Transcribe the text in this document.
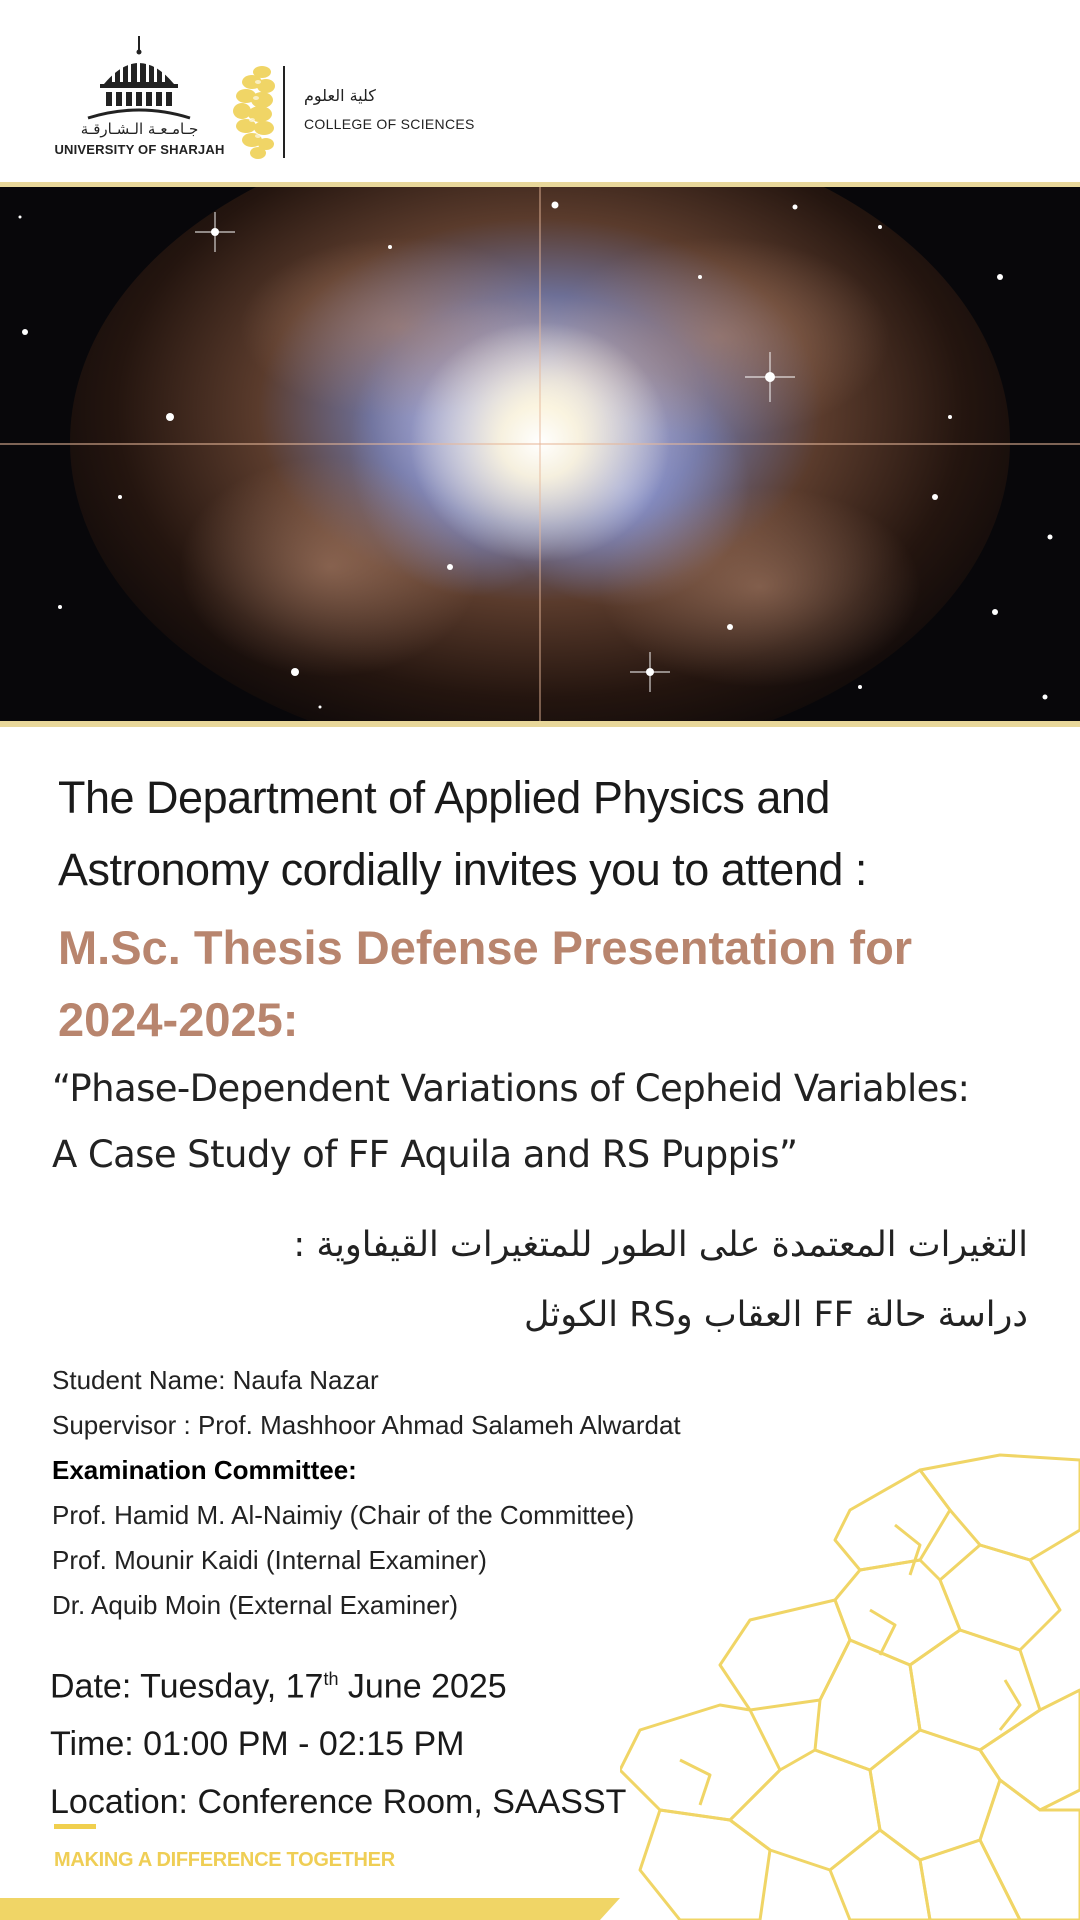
جـامـعـة الـشـارقـة
UNIVERSITY OF SHARJAH
كلية العلوم
COLLEGE OF SCIENCES
The Department of Applied Physics and
Astronomy cordially invites you to attend :
M.Sc. Thesis Defense Presentation for
2024-2025:
“Phase-Dependent Variations of Cepheid Variables:
A Case Study of FF Aquila and RS Puppis”
التغيرات المعتمدة على الطور للمتغيرات القيفاوية :
دراسة حالة FF العقاب وRS الكوثل
Student Name: Naufa Nazar
Supervisor : Prof. Mashhoor Ahmad Salameh Alwardat
Examination Committee:
Prof. Hamid M. Al-Naimiy (Chair of the Committee)
Prof. Mounir Kaidi (Internal Examiner)
Dr. Aquib Moin (External Examiner)
Date: Tuesday, 17th June 2025
Time: 01:00 PM - 02:15 PM
Location: Conference Room, SAASST
MAKING A DIFFERENCE TOGETHER
